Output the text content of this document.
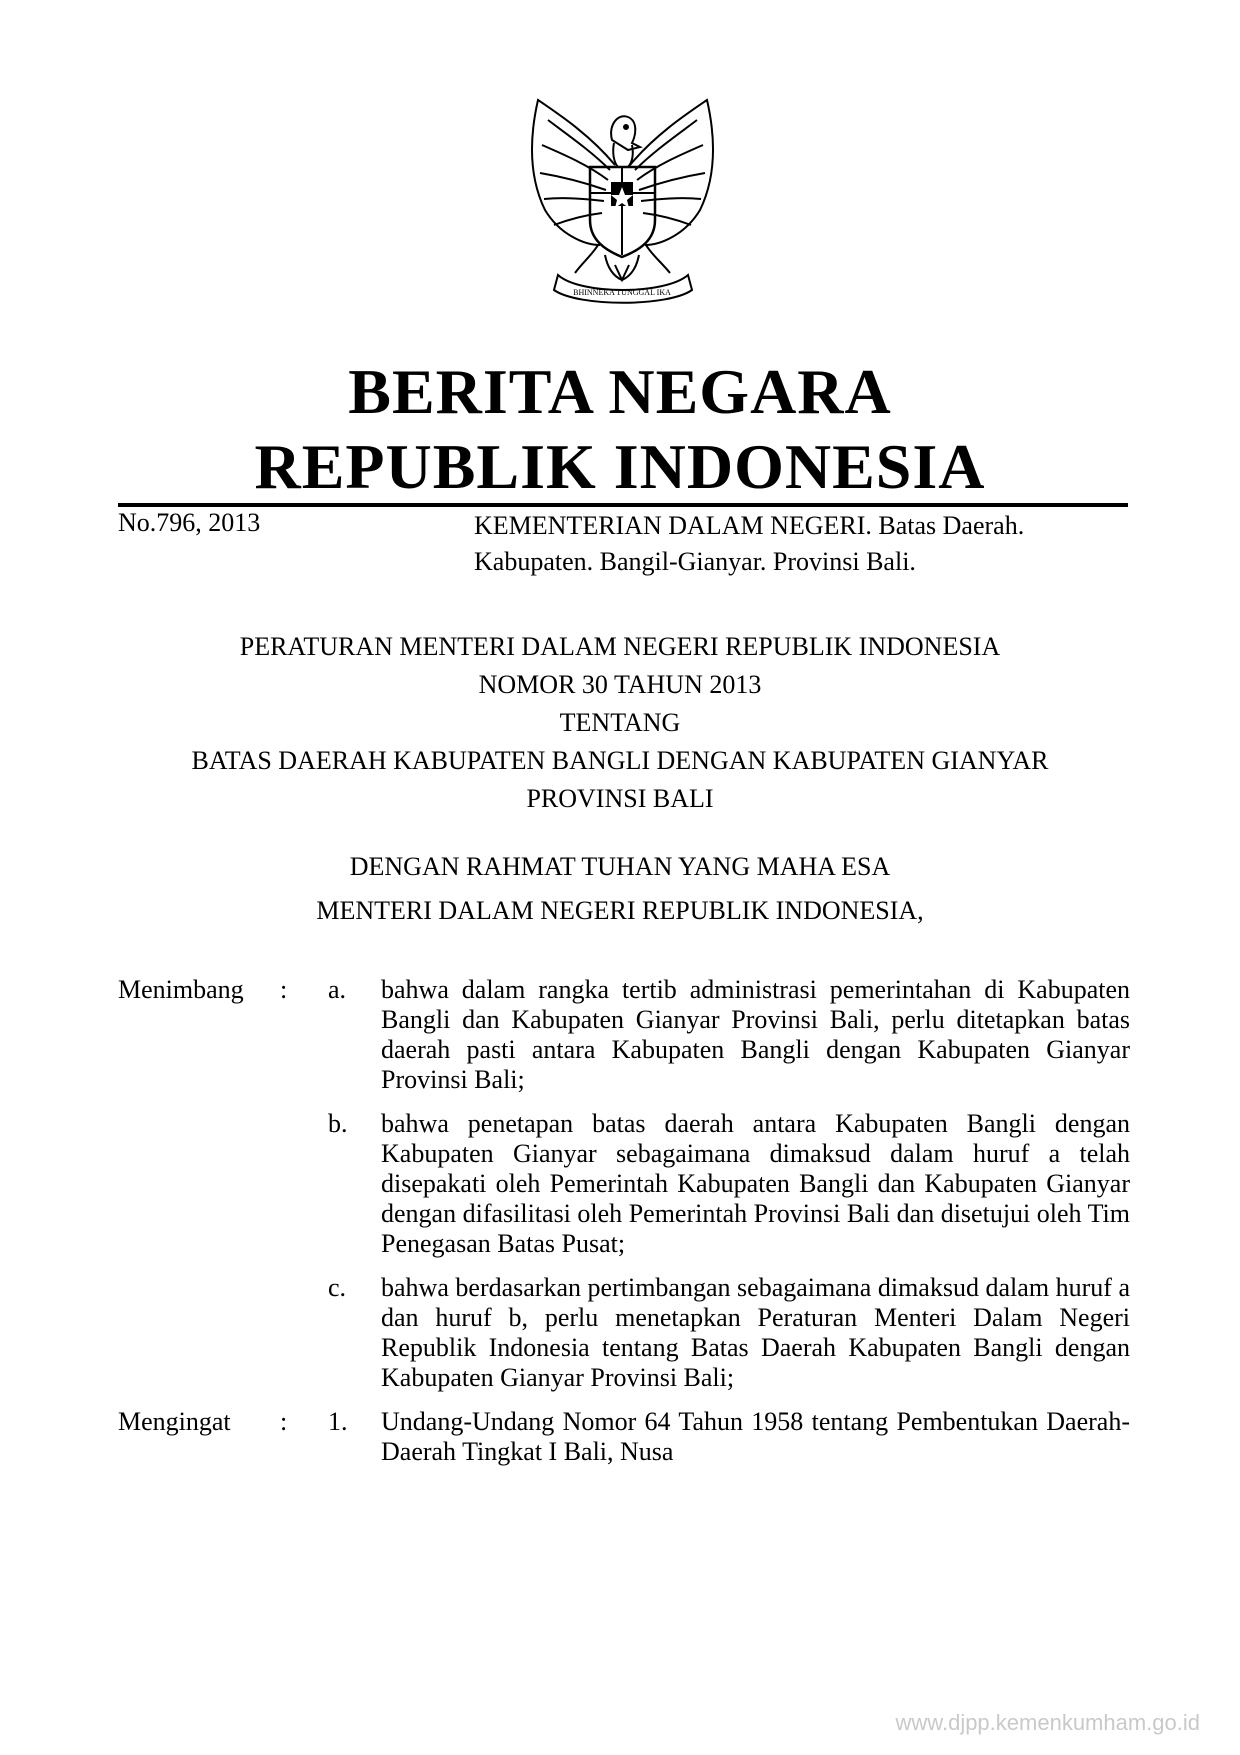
BHINNEKA TUNGGAL IKA
BERITA NEGARA
REPUBLIK INDONESIA
No.796, 2013	KEMENTERIAN DALAM NEGERI. Batas Daerah.
Kabupaten. Bangil-Gianyar. Provinsi Bali.
PERATURAN MENTERI DALAM NEGERI REPUBLIK INDONESIA
NOMOR 30 TAHUN 2013
TENTANG
BATAS DAERAH KABUPATEN BANGLI DENGAN KABUPATEN GIANYAR
PROVINSI BALI
DENGAN RAHMAT TUHAN YANG MAHA ESA
MENTERI DALAM NEGERI REPUBLIK INDONESIA,
Menimbang	: a.	bahwa dalam rangka tertib administrasi pemerintahan di Kabupaten Bangli dan Kabupaten Gianyar Provinsi Bali, perlu ditetapkan batas daerah pasti antara Kabupaten Bangli dengan Kabupaten Gianyar Provinsi Bali;
b.	bahwa penetapan batas daerah antara Kabupaten Bangli dengan Kabupaten Gianyar sebagaimana dimaksud dalam huruf a telah disepakati oleh Pemerintah Kabupaten Bangli dan Kabupaten Gianyar dengan difasilitasi oleh Pemerintah Provinsi Bali dan disetujui oleh Tim Penegasan Batas Pusat;
c.	bahwa berdasarkan pertimbangan sebagaimana dimaksud dalam huruf a dan huruf b, perlu menetapkan Peraturan Menteri Dalam Negeri Republik Indonesia tentang Batas Daerah Kabupaten Bangli dengan Kabupaten Gianyar Provinsi Bali;
Mengingat	: 1.	Undang-Undang Nomor 64 Tahun 1958 tentang Pembentukan Daerah-Daerah Tingkat I Bali, Nusa
www.djpp.kemenkumham.go.id
